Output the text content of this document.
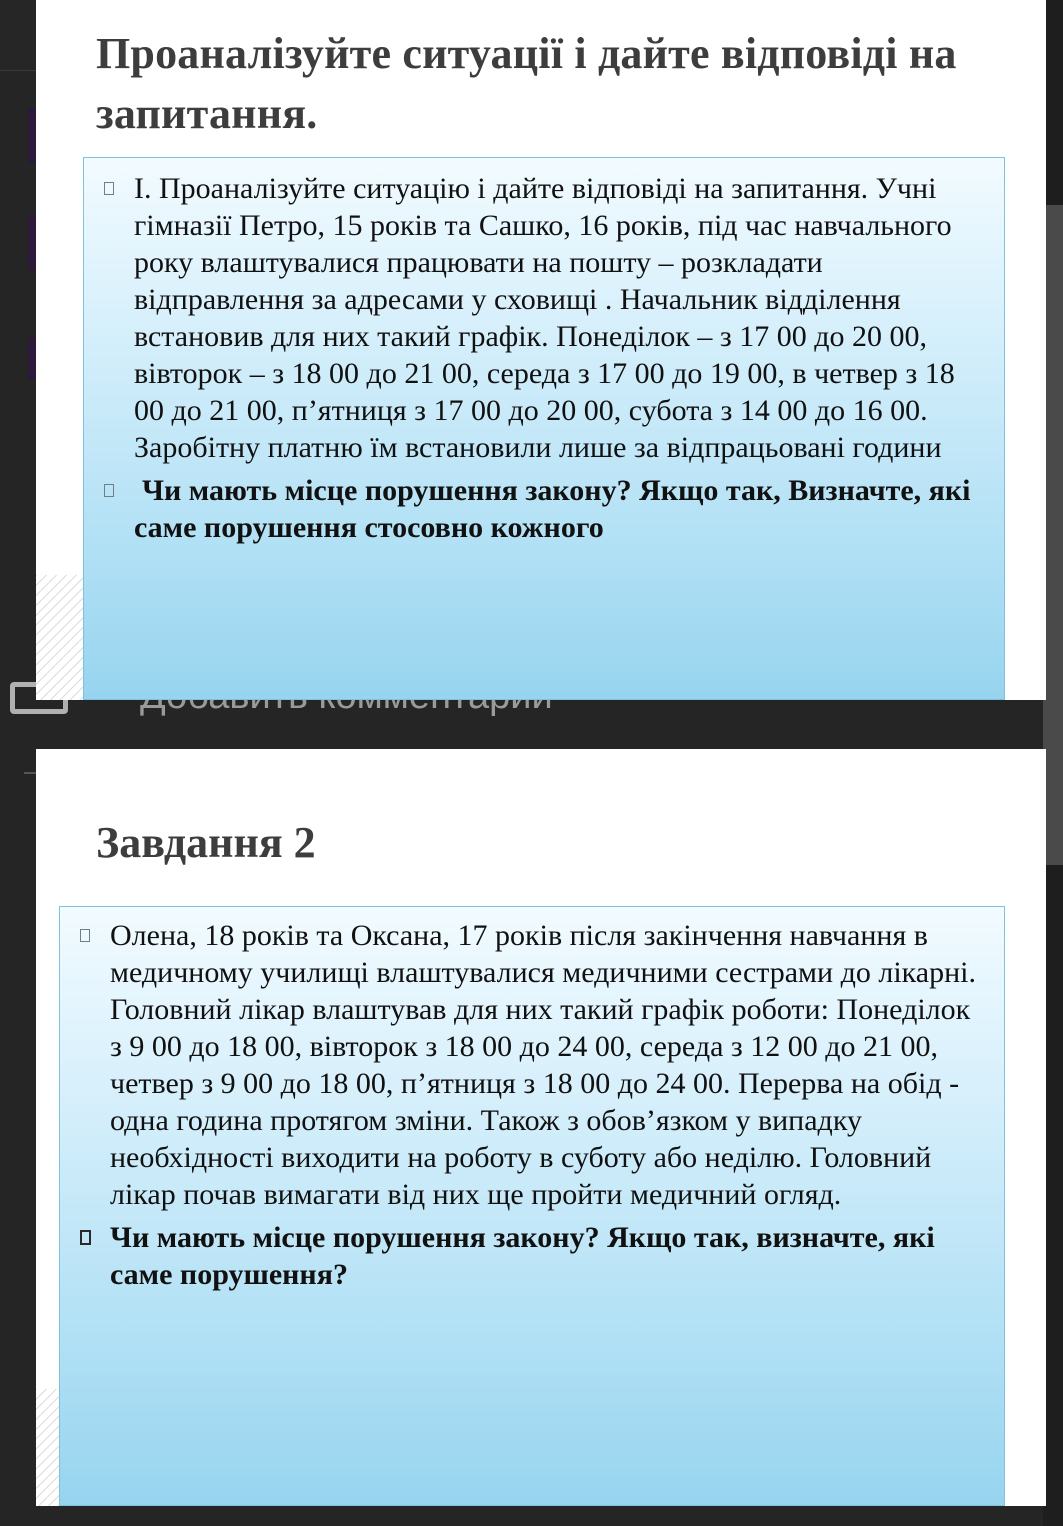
Проаналізуйте ситуації і дайте відповіді на запитання.
І. Проаналізуйте ситуацію і дайте відповіді на запитання. Учні гімназії Петро, 15 років та Сашко, 16 років, під час навчального року влаштувалися працювати на пошту – розкладати відправлення за адресами у сховищі . Начальник відділення встановив для них такий графік. Понеділок – з 17 00 до 20 00, вівторок – з 18 00 до 21 00, середа з 17 00 до 19 00, в четвер з 18 00 до 21 00, п’ятниця з 17 00 до 20 00, субота з 14 00 до 16 00. Заробітну платню їм встановили лише за відпрацьовані години
Чи мають місце порушення закону? Якщо так, Визначте, які саме порушення стосовно кожного
Завдання 2
Олена, 18 років та Оксана, 17 років після закінчення навчання в медичному училищі влаштувалися медичними сестрами до лікарні. Головний лікар влаштував для них такий графік роботи: Понеділок з 9 00 до 18 00, вівторок з 18 00 до 24 00, середа з 12 00 до 21 00, четвер з 9 00 до 18 00, п’ятниця з 18 00 до 24 00. Перерва на обід - одна година протягом зміни. Також з обов’язком у випадку необхідності виходити на роботу в суботу або неділю. Головний лікар почав вимагати від них ще пройти медичний огляд.
Чи мають місце порушення закону? Якщо так, визначте, які саме порушення?
